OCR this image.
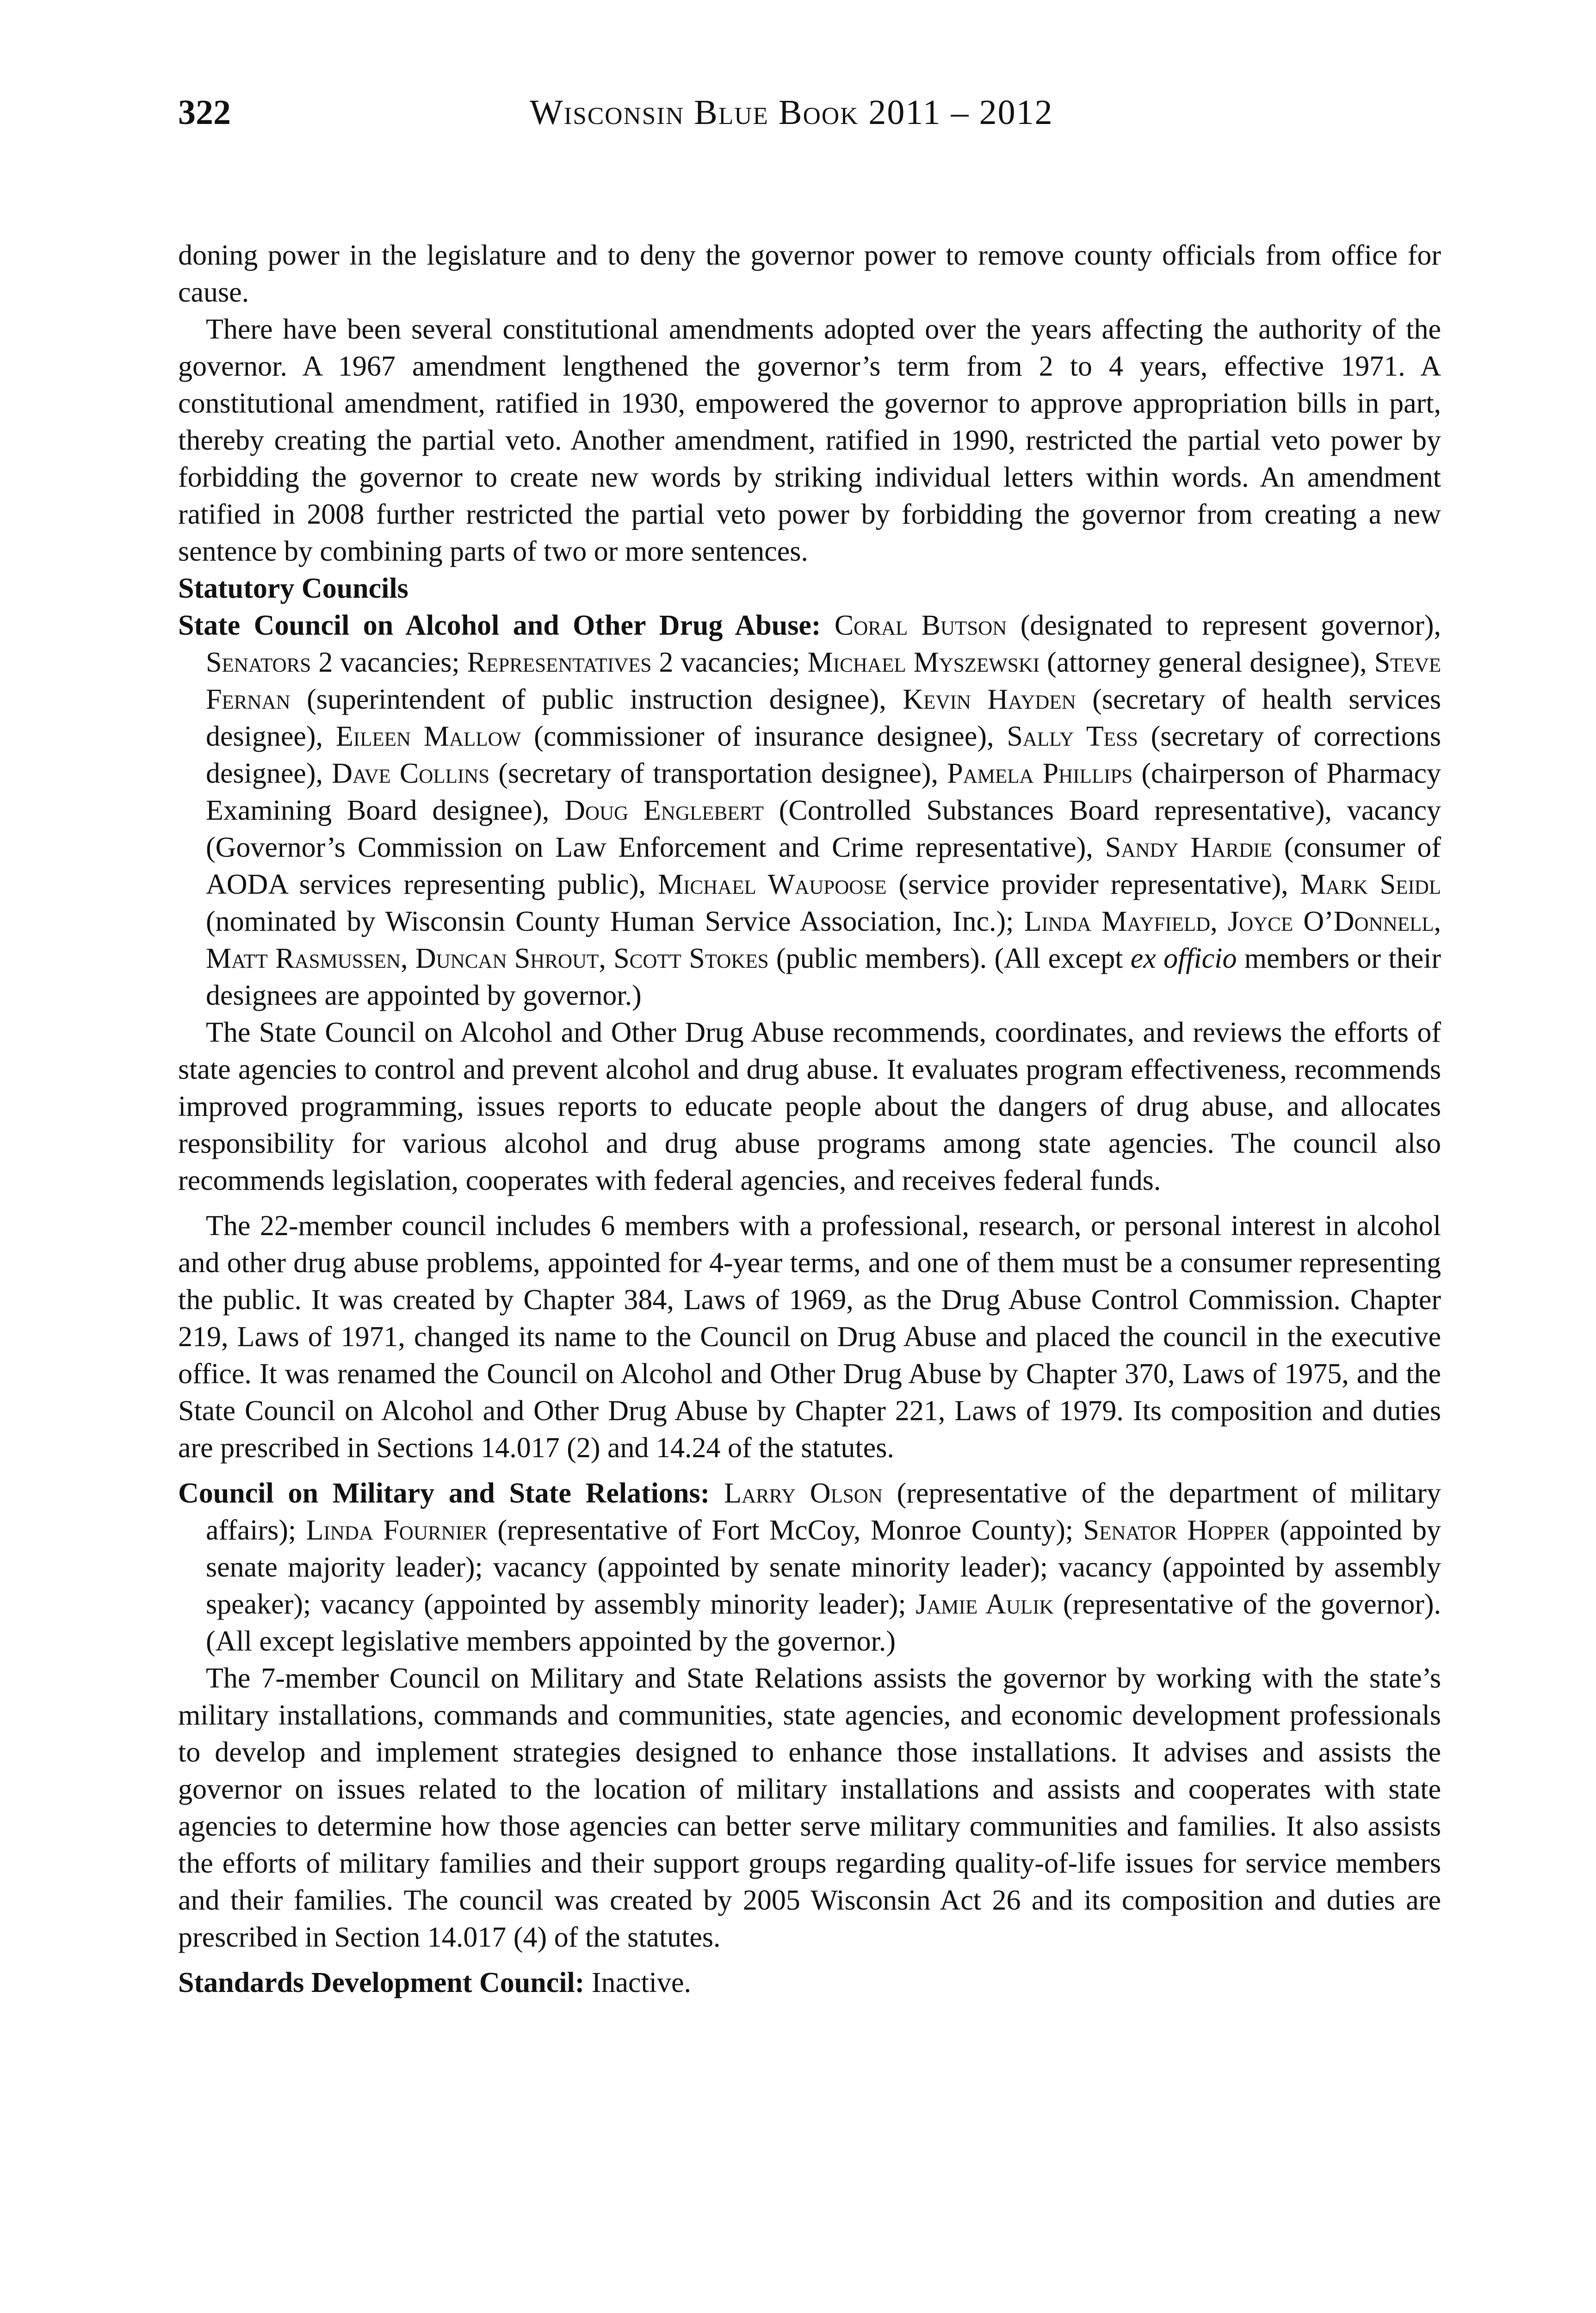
322	Wisconsin Blue Book 2011 – 2012

doning power in the legislature and to deny the governor power to remove county officials from office for cause.

There have been several constitutional amendments adopted over the years affecting the authority of the governor. A 1967 amendment lengthened the governor’s term from 2 to 4 years, effective 1971. A constitutional amendment, ratified in 1930, empowered the governor to approve appropriation bills in part, thereby creating the partial veto. Another amendment, ratified in 1990, restricted the partial veto power by forbidding the governor to create new words by striking individual letters within words. An amendment ratified in 2008 further restricted the partial veto power by forbidding the governor from creating a new sentence by combining parts of two or more sentences.

Statutory Councils

State Council on Alcohol and Other Drug Abuse: Coral Butson (designated to represent governor), Senators 2 vacancies; Representatives 2 vacancies; Michael Myszewski (attorney general designee), Steve Fernan (superintendent of public instruction designee), Kevin Hayden (secretary of health services designee), Eileen Mallow (commissioner of insurance designee), Sally Tess (secretary of corrections designee), Dave Collins (secretary of transportation designee), Pamela Phillips (chairperson of Pharmacy Examining Board designee), Doug Englebert (Controlled Substances Board representative), vacancy (Governor’s Commission on Law Enforcement and Crime representative), Sandy Hardie (consumer of AODA services representing public), Michael Waupoose (service provider representative), Mark Seidl (nominated by Wisconsin County Human Service Association, Inc.); Linda Mayfield, Joyce O’Donnell, Matt Rasmussen, Duncan Shrout, Scott Stokes (public members). (All except ex officio members or their designees are appointed by governor.)

The State Council on Alcohol and Other Drug Abuse recommends, coordinates, and reviews the efforts of state agencies to control and prevent alcohol and drug abuse. It evaluates program effectiveness, recommends improved programming, issues reports to educate people about the dangers of drug abuse, and allocates responsibility for various alcohol and drug abuse programs among state agencies. The council also recommends legislation, cooperates with federal agencies, and receives federal funds.

The 22-member council includes 6 members with a professional, research, or personal interest in alcohol and other drug abuse problems, appointed for 4-year terms, and one of them must be a consumer representing the public. It was created by Chapter 384, Laws of 1969, as the Drug Abuse Control Commission. Chapter 219, Laws of 1971, changed its name to the Council on Drug Abuse and placed the council in the executive office. It was renamed the Council on Alcohol and Other Drug Abuse by Chapter 370, Laws of 1975, and the State Council on Alcohol and Other Drug Abuse by Chapter 221, Laws of 1979. Its composition and duties are prescribed in Sections 14.017 (2) and 14.24 of the statutes.

Council on Military and State Relations: Larry Olson (representative of the department of military affairs); Linda Fournier (representative of Fort McCoy, Monroe County); Senator Hopper (appointed by senate majority leader); vacancy (appointed by senate minority leader); vacancy (appointed by assembly speaker); vacancy (appointed by assembly minority leader); Jamie Aulik (representative of the governor). (All except legislative members appointed by the governor.)

The 7-member Council on Military and State Relations assists the governor by working with the state’s military installations, commands and communities, state agencies, and economic development professionals to develop and implement strategies designed to enhance those installations. It advises and assists the governor on issues related to the location of military installations and assists and cooperates with state agencies to determine how those agencies can better serve military communities and families. It also assists the efforts of military families and their support groups regarding quality-of-life issues for service members and their families. The council was created by 2005 Wisconsin Act 26 and its composition and duties are prescribed in Section 14.017 (4) of the statutes.

Standards Development Council: Inactive.
